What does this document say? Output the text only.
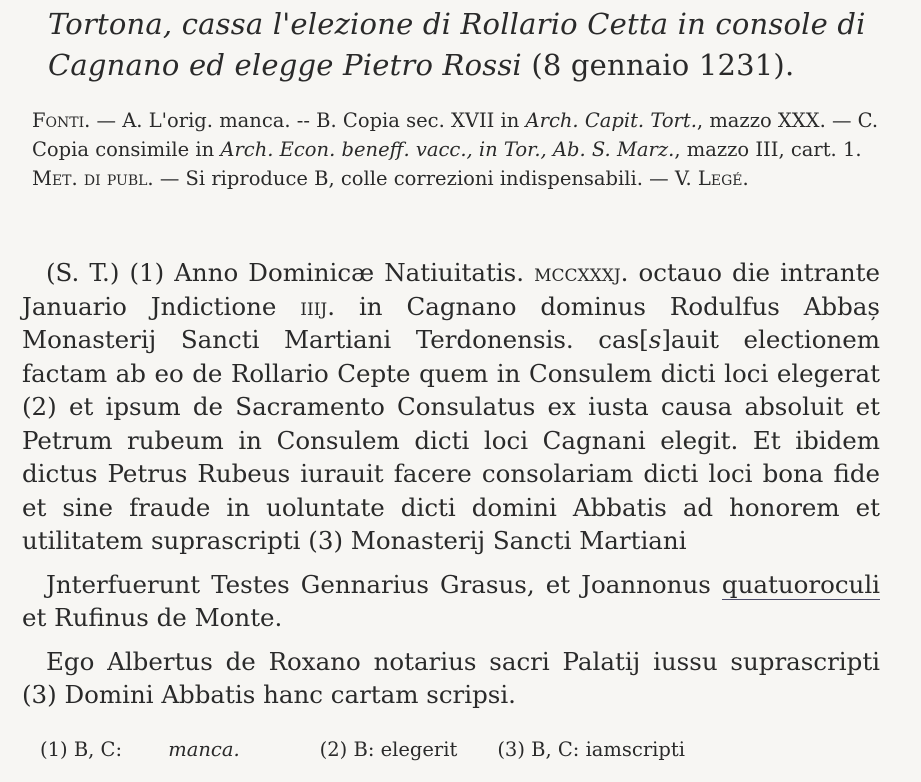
Tortona, cassa l'elezione di Rollario Cetta in console di Cagnano ed elegge Pietro Rossi (8 gennaio 1231).

Fonti. — A. L'orig. manca. -- B. Copia sec. XVII in Arch. Capit. Tort., mazzo XXX. — C. Copia consimile in Arch. Econ. beneff. vacc., in Tor., Ab. S. Marz., mazzo III, cart. 1.

Met. di publ. — Si riproduce B, colle correzioni indispensabili. — V. Legé.

(S. T.) (1) Anno Dominicæ Natiuitatis. mccxxxj. octauo die intrante Januario Jndictione iiij. in Cagnano dominus Rodulfus Abbaș Monasterij Sancti Martiani Terdonensis. cas[s]auit electionem factam ab eo de Rollario Cepte quem in Consulem dicti loci elegerat (2) et ipsum de Sacramento Consulatus ex iusta causa absoluit et Petrum rubeum in Consulem dicti loci Cagnani elegit. Et ibidem dictus Petrus Rubeus iurauit facere consolariam dicti loci bona fide et sine fraude in uoluntate dicti domini Abbatis ad honorem et utilitatem suprascripti (3) Monasterij Sancti Martiani

Jnterfuerunt Testes Gennarius Grasus, et Joannonus quatuoroculi et Rufinus de Monte.

Ego Albertus de Roxano notarius sacri Palatij iussu suprascripti (3) Domini Abbatis hanc cartam scripsi.

(1) B, C: manca.	(2) B: elegerit (3) B, C: iamscripti
